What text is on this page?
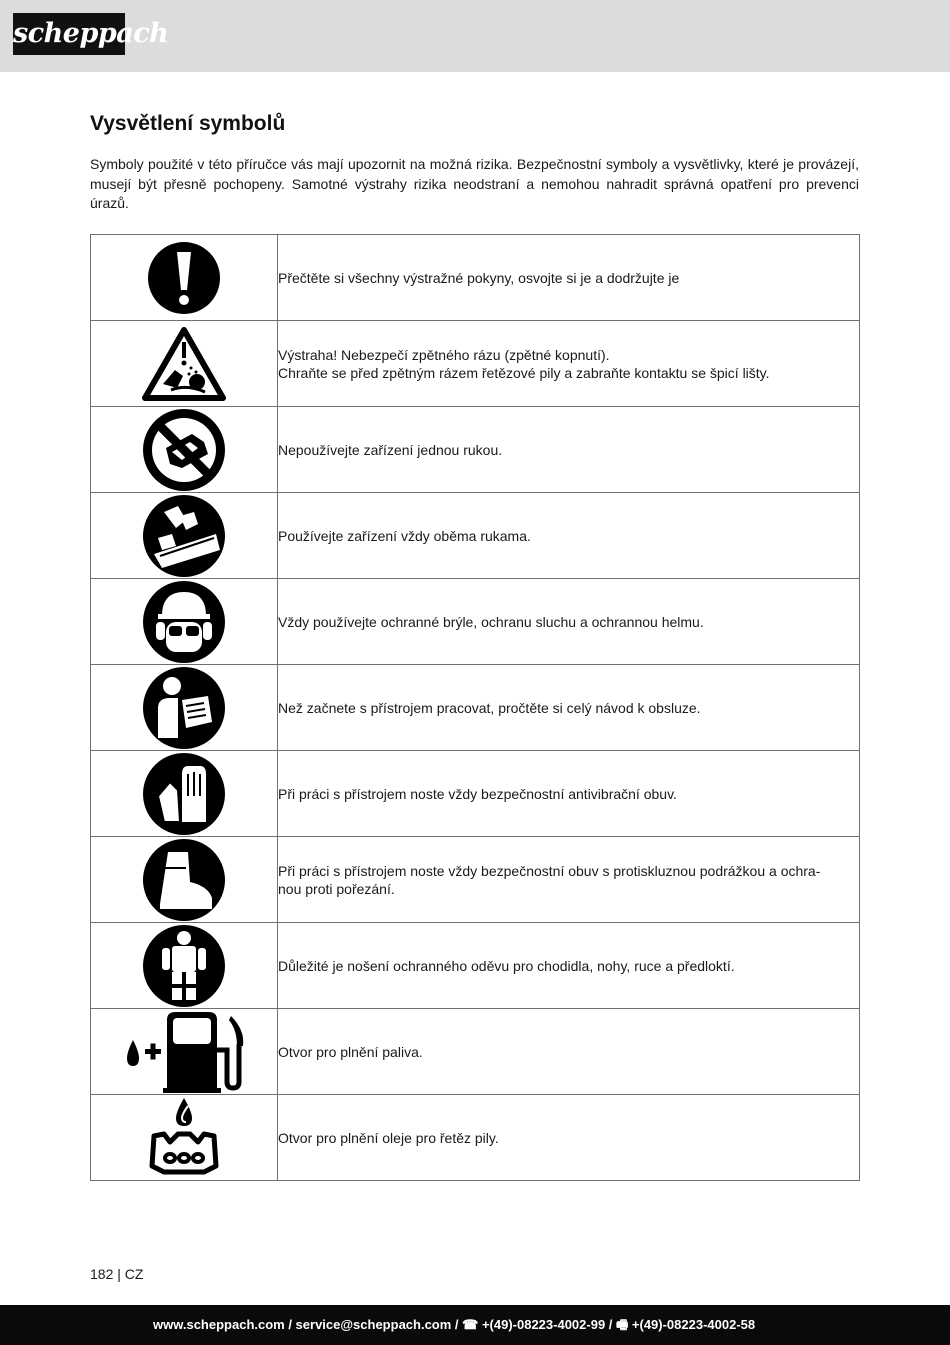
scheppach
Vysvětlení symbolů

Symboly použité v této příručce vás mají upozornit na možná rizika. Bezpečnostní symboly a vysvětlivky, které je provázejí, musejí být přesně pochopeny. Samotné výstrahy rizika neodstraní a nemohou nahradit správná opatření pro prevenci úrazů.

Přečtěte si všechny výstražné pokyny, osvojte si je a dodržujte je

Výstraha! Nebezpečí zpětného rázu (zpětné kopnutí).
Chraňte se před zpětným rázem řetězové pily a zabraňte kontaktu se špicí lišty.

Nepoužívejte zařízení jednou rukou.

Používejte zařízení vždy oběma rukama.

Vždy používejte ochranné brýle, ochranu sluchu a ochrannou helmu.

Než začnete s přístrojem pracovat, pročtěte si celý návod k obsluze.

Při práci s přístrojem noste vždy bezpečnostní antivibrační obuv.

Při práci s přístrojem noste vždy bezpečnostní obuv s protiskluznou podrážkou a ochra-
nou proti pořezání.

Důležité je nošení ochranného oděvu pro chodidla, nohy, ruce a předloktí.

Otvor pro plnění paliva.

Otvor pro plnění oleje pro řetěz pily.
182 | CZ
www.scheppach.com / service@scheppach.com / ☎ +(49)-08223-4002-99 / 🖷 +(49)-08223-4002-58
